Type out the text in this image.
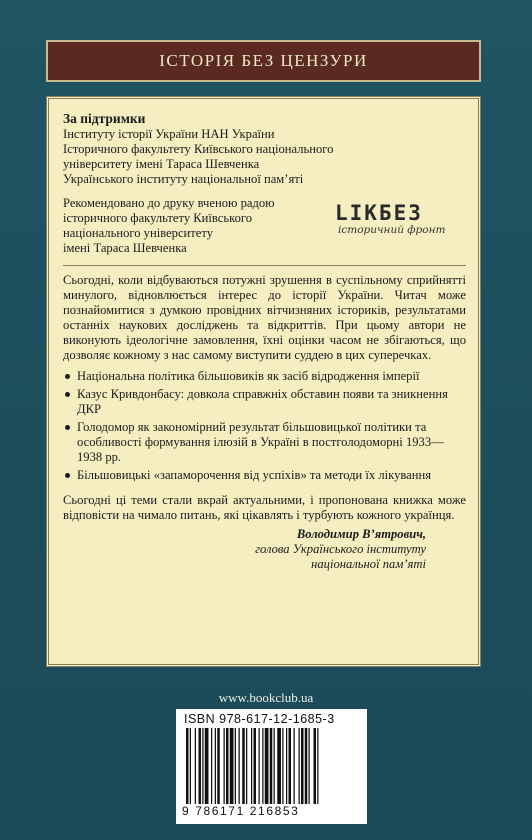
ІСТОРІЯ БЕЗ ЦЕНЗУРИ

За підтримки

Інституту історії України НАН України

Історичного факультету Київського національного

університету імені Тараса Шевченка

Українського інституту національної пам’яті

Рекомендовано до друку вченою радою
історичного факультету Київського
національного університету
імені Тараса Шевченка
LIKБЕЗ
історичний фронт

Сьогодні, коли відбуваються потужні зрушення в суспільному сприйнятті минулого, відновлюється інтерес до історії України. Читач може познайомитися з думкою провідних вітчизняних істориків, результатами останніх наукових досліджень та відкриттів. При цьому автори не виконують ідеологічне замовлення, їхні оцінки часом не збігаються, що дозволяє кожному з нас самому виступити суддею в цих суперечках.

Національна політика більшовиків як засіб відродження імперії
Казус Кривдонбасу: довкола справжніх обставин появи та зникнення ДКР
Голодомор як закономірний результат більшовицької політики та особливості формування ілюзій в Україні в постголодоморні 1933—1938 рр.
Більшовицькі «запаморочення від успіхів» та методи їх лікування

Сьогодні ці теми стали вкрай актуальними, і пропонована книжка може відповісти на чимало питань, які цікавлять і турбують кожного українця.

Володимир В’ятрович,
голова Українського інституту
національної пам’яті
www.bookclub.ua
ISBN 978-617-12-1685-3
9 786171 216853
